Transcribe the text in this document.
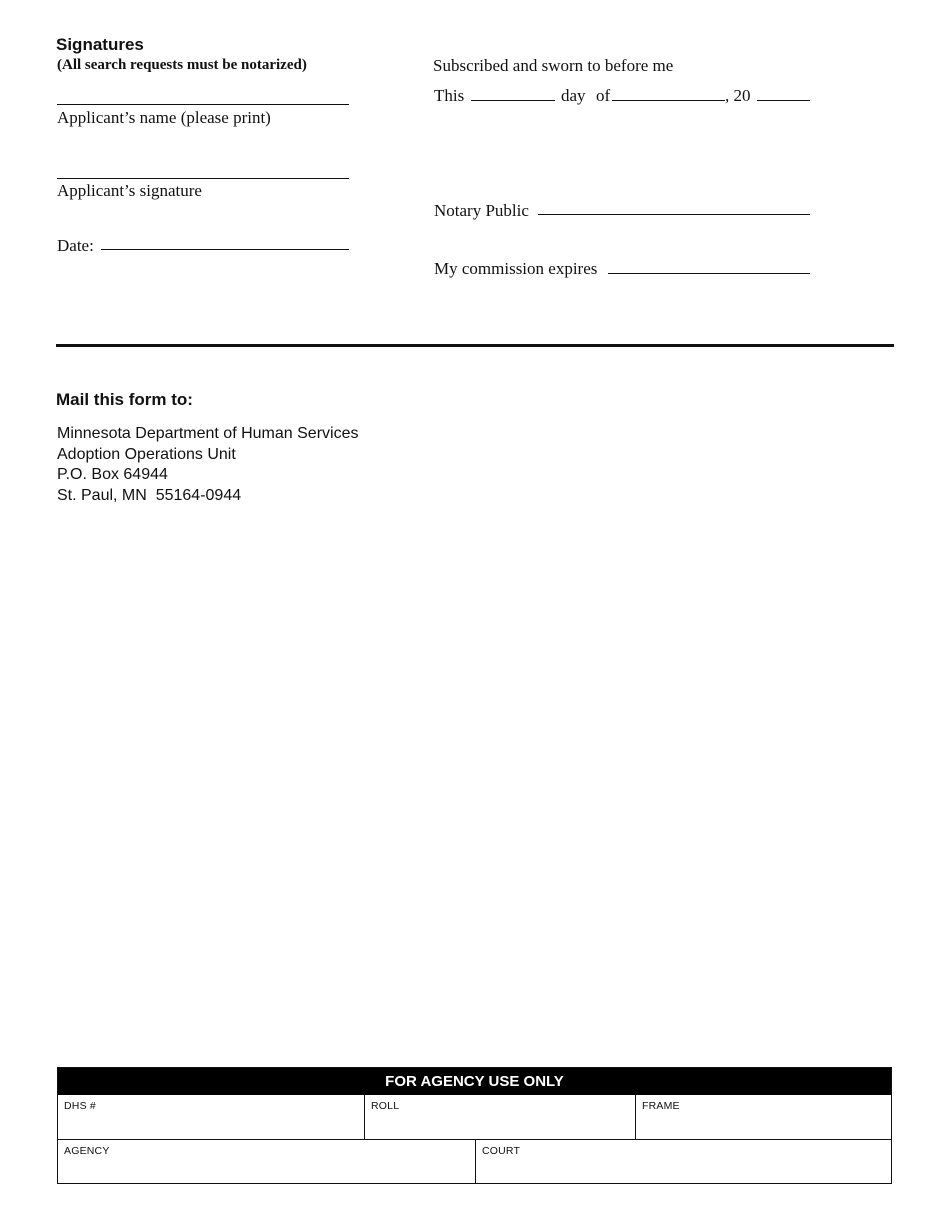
Signatures
(All search requests must be notarized)
Applicant’s name (please print)
Applicant’s signature
Date:
Subscribed and sworn to before me
This	day of	, 20
Notary Public
My commission expires
Mail this form to:
Minnesota Department of Human Services
Adoption Operations Unit
P.O. Box 64944
St. Paul, MN  55164-0944
FOR AGENCY USE ONLY
DHS #	ROLL	FRAME
AGENCY	COURT
